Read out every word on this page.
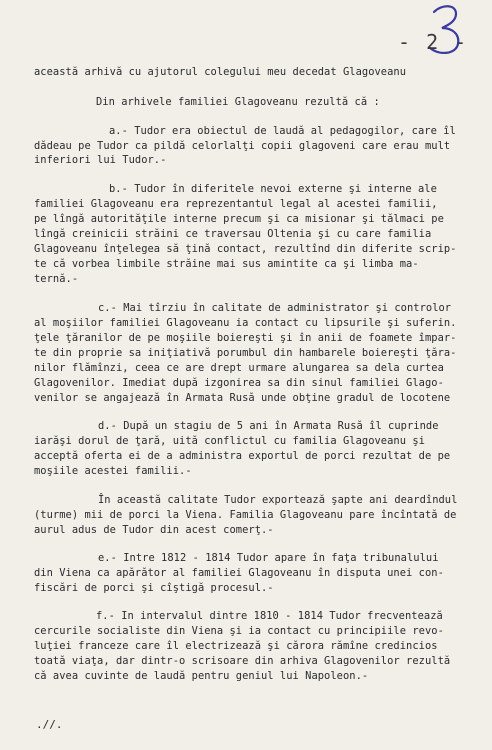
- 2 -
această arhivă cu ajutorul colegului meu decedat Glagoveanu
Din arhivele familiei Glagoveanu rezultă că :
a.- Tudor era obiectul de laudă al pedagogilor, care îl
dădeau pe Tudor ca pildă celorlalţi copii glagoveni care erau mult
inferiori lui Tudor.-
b.- Tudor în diferitele nevoi externe şi interne ale
familiei Glagoveanu era reprezentantul legal al acestei familii,
pe lîngă autorităţile interne precum şi ca misionar şi tălmaci pe
lîngă creinicii străini ce traversau Oltenia şi cu care familia
Glagoveanu înţelegea să ţină contact, rezultînd din diferite scrip-
te că vorbea limbile străine mai sus amintite ca şi limba ma-
ternă.-
c.- Mai tîrziu în calitate de administrator şi controlor
al moşiilor familiei Glagoveanu ia contact cu lipsurile şi suferin.
ţele ţăranilor de pe moşiile boiereşti şi în anii de foamete împar-
te din proprie sa iniţiativă porumbul din hambarele boiereşti ţăra-
nilor flămînzi, ceea ce are drept urmare alungarea sa dela curtea
Glagovenilor. Imediat după izgonirea sa din sinul familiei Glago-
venilor se angajează în Armata Rusă unde obţine gradul de locotene
d.- După un stagiu de 5 ani în Armata Rusă îl cuprinde
iarăşi dorul de ţară, uită conflictul cu familia Glagoveanu şi
acceptă oferta ei de a administra exportul de porci rezultat de pe
moşiile acestei familii.-
În această calitate Tudor exportează şapte ani deardîndul
(turme) mii de porci la Viena. Familia Glagoveanu pare încîntată de
aurul adus de Tudor din acest comerţ.-
e.- Intre 1812 - 1814 Tudor apare în faţa tribunalului
din Viena ca apărător al familiei Glagoveanu în disputa unei con-
fiscări de porci şi cîştigă procesul.-
f.- In intervalul dintre 1810 - 1814 Tudor frecventează
cercurile socialiste din Viena şi ia contact cu principiile revo-
luţiei franceze care îl electrizează şi cărora rămîne credincios
toată viaţa, dar dintr-o scrisoare din arhiva Glagovenilor rezultă
că avea cuvinte de laudă pentru geniul lui Napoleon.-
.//.
